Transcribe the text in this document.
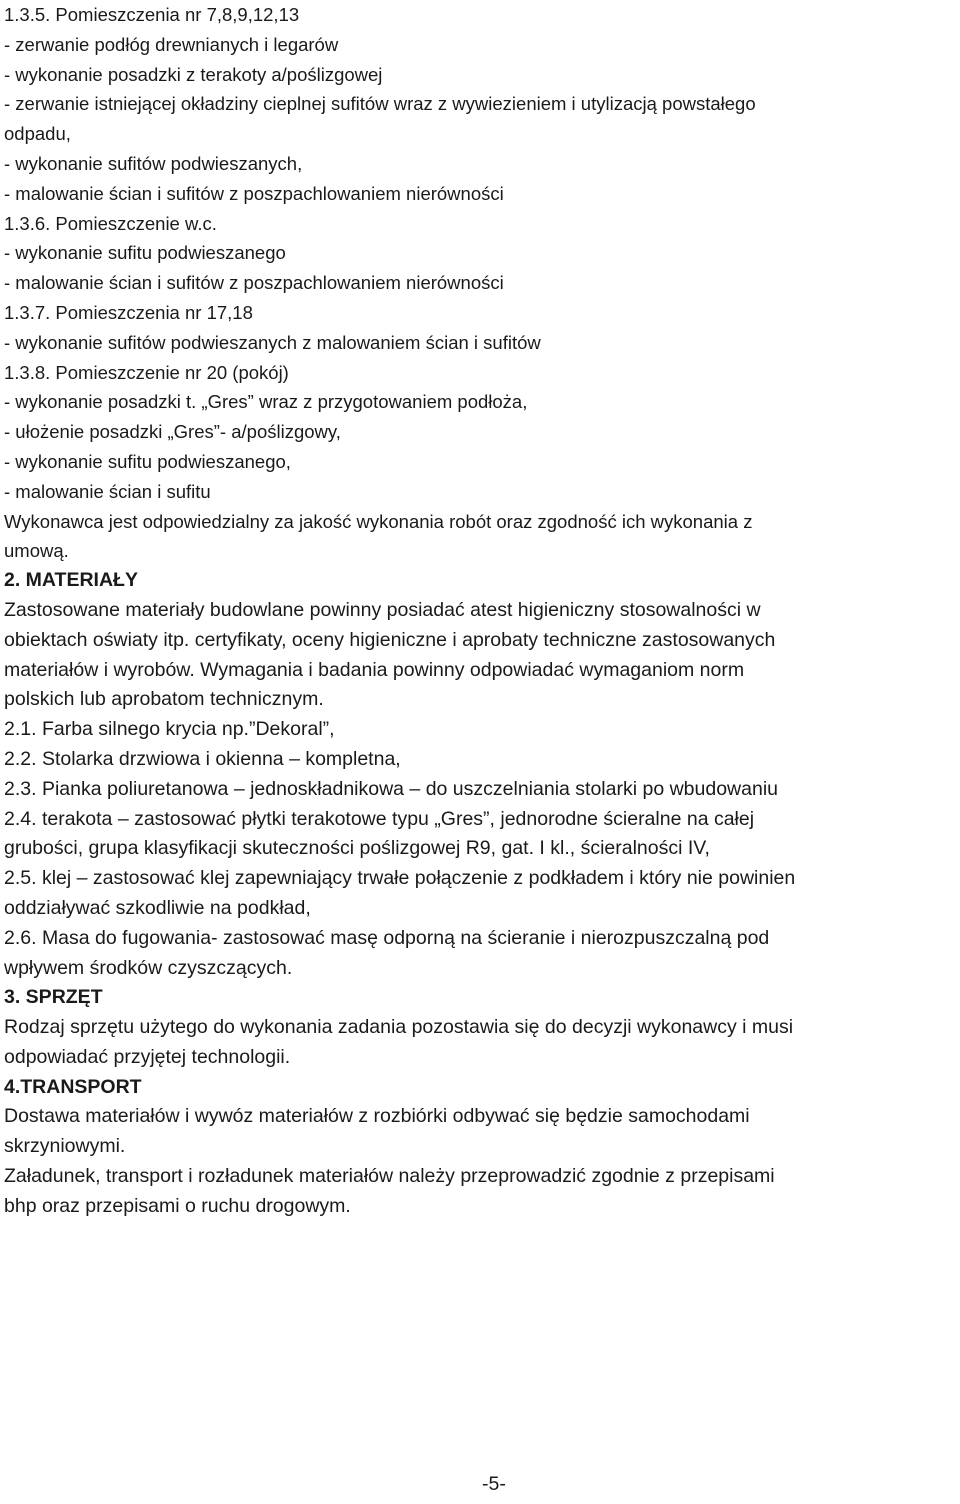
1.3.5. Pomieszczenia nr 7,8,9,12,13
- zerwanie podłóg drewnianych i legarów
- wykonanie posadzki z terakoty a/poślizgowej
- zerwanie istniejącej okładziny cieplnej sufitów wraz z wywiezieniem i utylizacją powstałego
odpadu,
- wykonanie sufitów podwieszanych,
- malowanie ścian i sufitów z poszpachlowaniem nierówności
1.3.6. Pomieszczenie w.c.
- wykonanie sufitu podwieszanego
- malowanie ścian i sufitów z poszpachlowaniem nierówności
1.3.7. Pomieszczenia nr 17,18
- wykonanie sufitów podwieszanych z malowaniem ścian i sufitów
1.3.8. Pomieszczenie nr 20 (pokój)
- wykonanie posadzki t. „Gres” wraz z przygotowaniem podłoża,
- ułożenie posadzki „Gres”- a/poślizgowy,
- wykonanie sufitu podwieszanego,
- malowanie ścian i sufitu
Wykonawca jest odpowiedzialny za jakość wykonania robót oraz zgodność ich wykonania z
umową.
2. MATERIAŁY
Zastosowane materiały budowlane powinny posiadać atest higieniczny stosowalności w
obiektach oświaty itp. certyfikaty, oceny higieniczne i aprobaty techniczne zastosowanych
materiałów i wyrobów. Wymagania i badania powinny odpowiadać wymaganiom norm
polskich lub aprobatom technicznym.
2.1. Farba silnego krycia np.”Dekoral”,
2.2. Stolarka drzwiowa i okienna – kompletna,
2.3. Pianka poliuretanowa – jednoskładnikowa – do uszczelniania stolarki po wbudowaniu
2.4. terakota – zastosować płytki terakotowe typu „Gres”, jednorodne ścieralne na całej
grubości, grupa klasyfikacji skuteczności poślizgowej R9, gat. I kl., ścieralności IV,
2.5. klej – zastosować klej zapewniający trwałe połączenie z podkładem i który nie powinien
oddziaływać szkodliwie na podkład,
2.6. Masa do fugowania- zastosować masę odporną na ścieranie i nierozpuszczalną pod
wpływem środków czyszczących.
3. SPRZĘT
Rodzaj sprzętu użytego do wykonania zadania pozostawia się do decyzji wykonawcy i musi
odpowiadać przyjętej technologii.
4.TRANSPORT
Dostawa materiałów i wywóz materiałów z rozbiórki odbywać się będzie samochodami
skrzyniowymi.
Załadunek, transport i rozładunek materiałów należy przeprowadzić zgodnie z przepisami
bhp oraz przepisami o ruchu drogowym.
-5-
